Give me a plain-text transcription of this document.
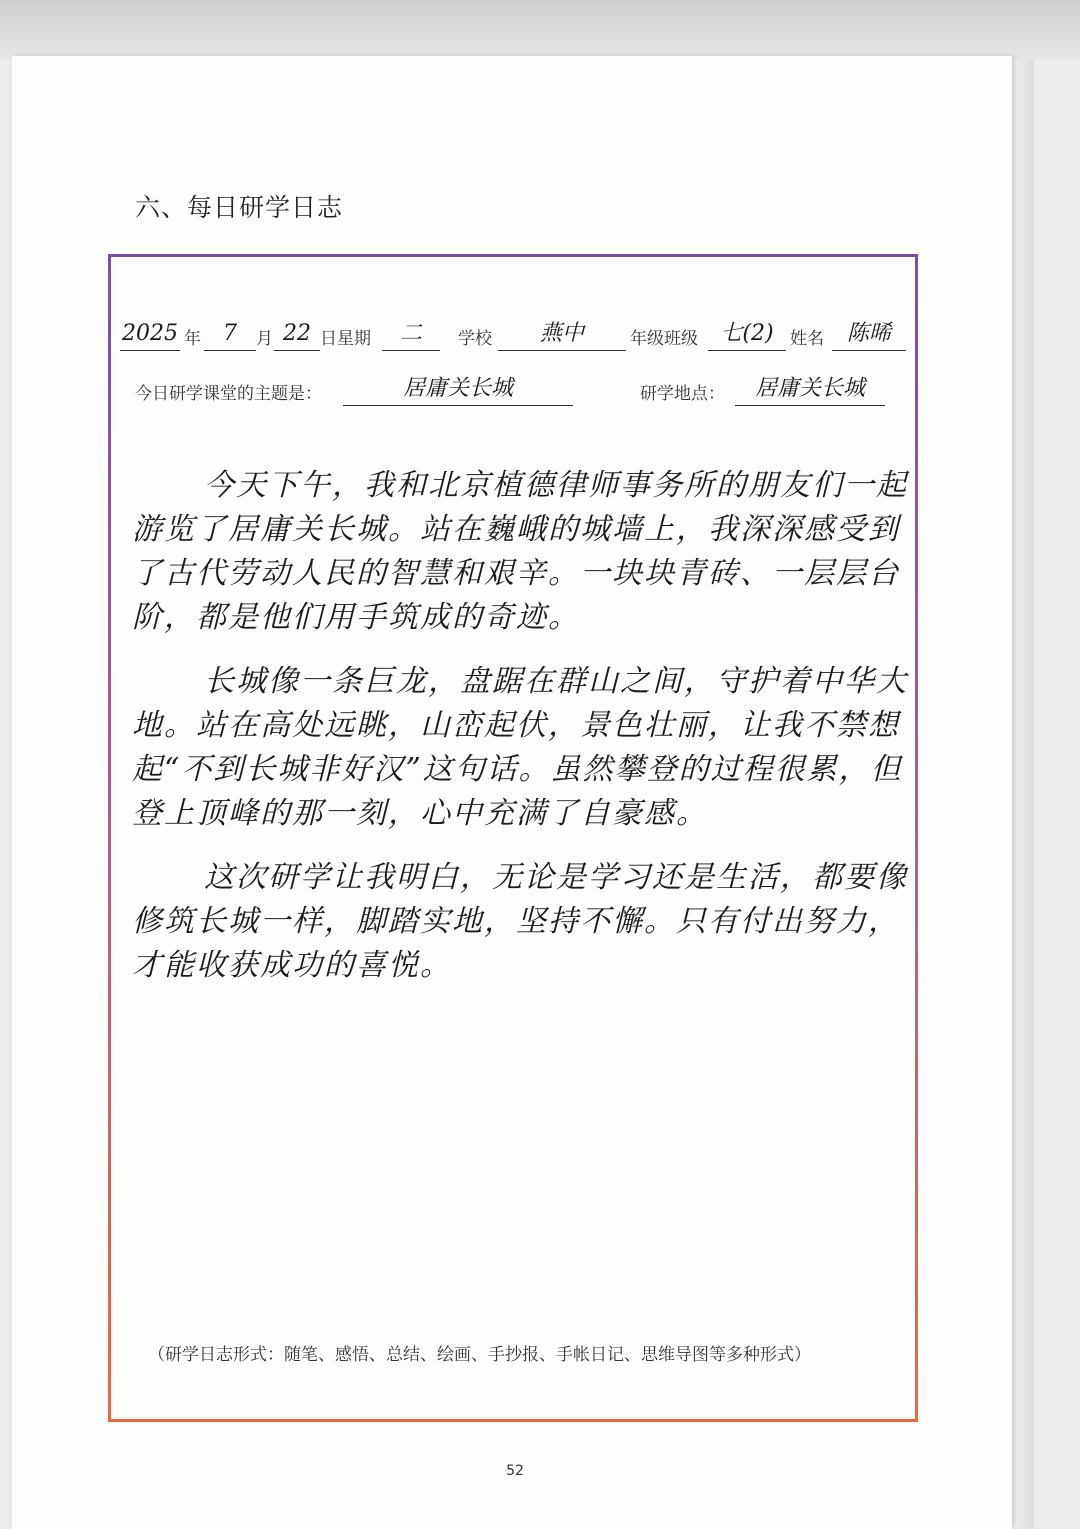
六、每日研学日志
2025 年	7	月 22 日星期	二	学校	燕中	年级班级	七(2) 姓名	陈晞
今日研学课堂的主题是：	居庸关长城	研学地点：	居庸关长城

今天下午，我和北京植德律师事务所的朋友们一起游览了居庸关长城。站在巍峨的城墙上，我深深感受到了古代劳动人民的智慧和艰辛。一块块青砖、一层层台阶，都是他们用手筑成的奇迹。

长城像一条巨龙，盘踞在群山之间，守护着中华大地。站在高处远眺，山峦起伏，景色壮丽，让我不禁想起“不到长城非好汉”这句话。虽然攀登的过程很累，但登上顶峰的那一刻，心中充满了自豪感。

这次研学让我明白，无论是学习还是生活，都要像修筑长城一样，脚踏实地，坚持不懈。只有付出努力，才能收获成功的喜悦。

（研学日志形式：随笔、感悟、总结、绘画、手抄报、手帐日记、思维导图等多种形式）
52
